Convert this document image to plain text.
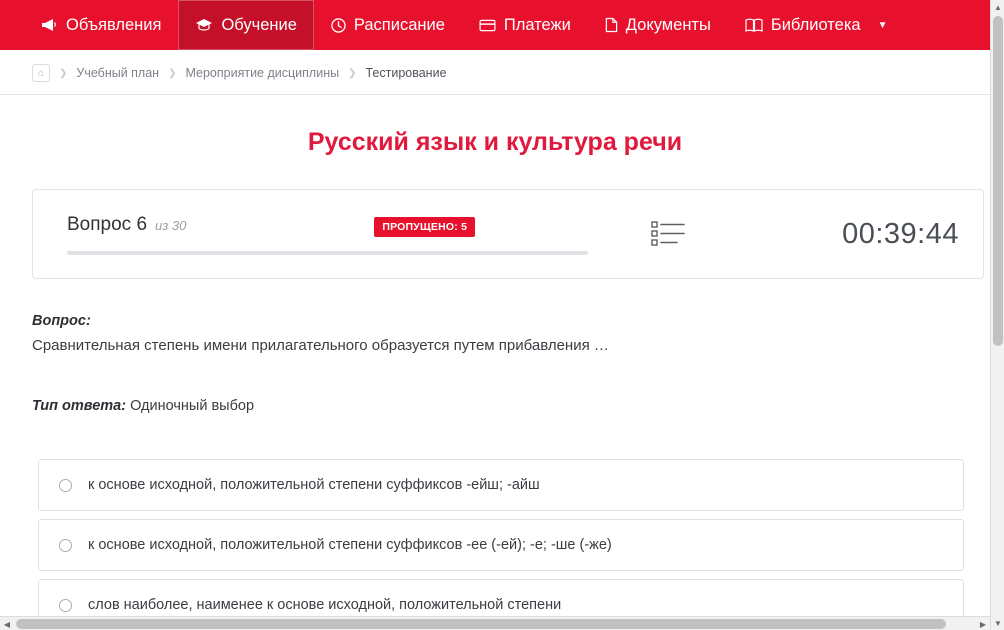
Объявления	Обучение	Расписание	Платежи	Документы	Библиотека ▼
⌂	❯ Учебный план ❯ Мероприятие дисциплины ❯ Тестирование
Русский язык и культура речи
Вопрос 6 из 30	ПРОПУЩЕНО: 5	00:39:44
Вопрос:
Сравнительная степень имени прилагательного образуется путем прибавления …
Тип ответа: Одиночный выбор
к основе исходной, положительной степени суффиксов -ейш; -айш
к основе исходной, положительной степени суффиксов -ее (-ей); -е; -ше (-же)
слов наиболее, наименее к основе исходной, положительной степени
▲
▼
◀	▶
